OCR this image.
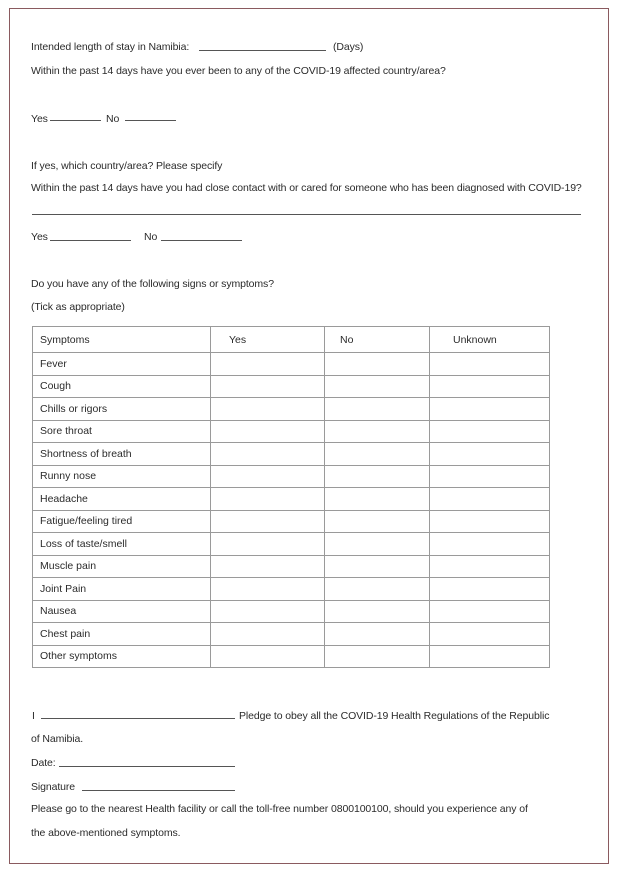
Intended length of stay in Namibia:	(Days)
Within the past 14 days have you ever been to any of the COVID-19 affected country/area?
Yes	No
If yes, which country/area? Please specify
Within the past 14 days have you had close contact with or cared for someone who has been diagnosed with COVID-19?
Yes	No
Do you have any of the following signs or symptoms?
(Tick as appropriate)
Symptoms	Yes	No	Unknown
Fever			
Cough			
Chills or rigors			
Sore throat			
Shortness of breath			
Runny nose			
Headache			
Fatigue/feeling tired			
Loss of taste/smell			
Muscle pain			
Joint Pain			
Nausea			
Chest pain			
Other symptoms			
I	Pledge to obey all the COVID-19 Health Regulations of the Republic
of Namibia.
Date:
Signature
Please go to the nearest Health facility or call the toll-free number 0800100100, should you experience any of
the above-mentioned symptoms.
